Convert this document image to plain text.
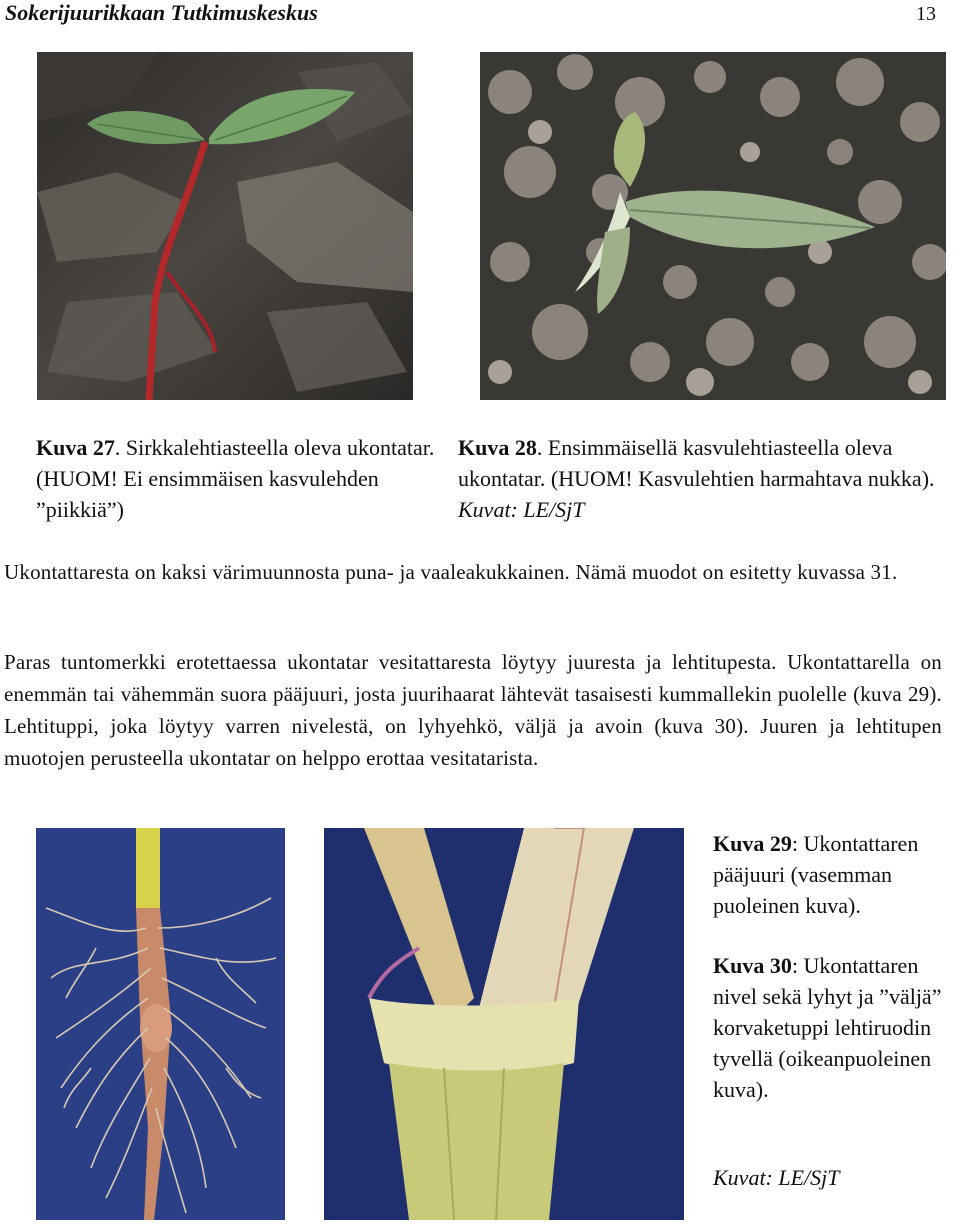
Sokerijuurikkaan Tutkimuskeskus	13
Kuva 27. Sirkkalehtiasteella oleva ukontatar. (HUOM! Ei ensimmäisen kasvulehden ”piikkiä”)
Kuva 28. Ensimmäisellä kasvulehtiasteella oleva ukontatar. (HUOM! Kasvulehtien harmahtava nukka). Kuvat: LE/SjT
Ukontattaresta on kaksi värimuunnosta puna- ja vaaleakukkainen. Nämä muodot on esitetty kuvassa 31.
Paras tuntomerkki erotettaessa ukontatar vesitattaresta löytyy juuresta ja lehtitupesta. Ukontattarella on enemmän tai vähemmän suora pääjuuri, josta juurihaarat lähtevät tasaisesti kummallekin puolelle (kuva 29). Lehtituppi, joka löytyy varren nivelestä, on lyhyehkö, väljä ja avoin (kuva 30). Juuren ja lehtitupen muotojen perusteella ukontatar on helppo erottaa vesitatarista.
Kuva 29: Ukontattaren pääjuuri (vasemman puoleinen kuva).
Kuva 30: Ukontattaren nivel sekä lyhyt ja ”väljä” korvaketuppi lehtiruodin tyvellä (oikeanpuoleinen kuva).
Kuvat: LE/SjT
